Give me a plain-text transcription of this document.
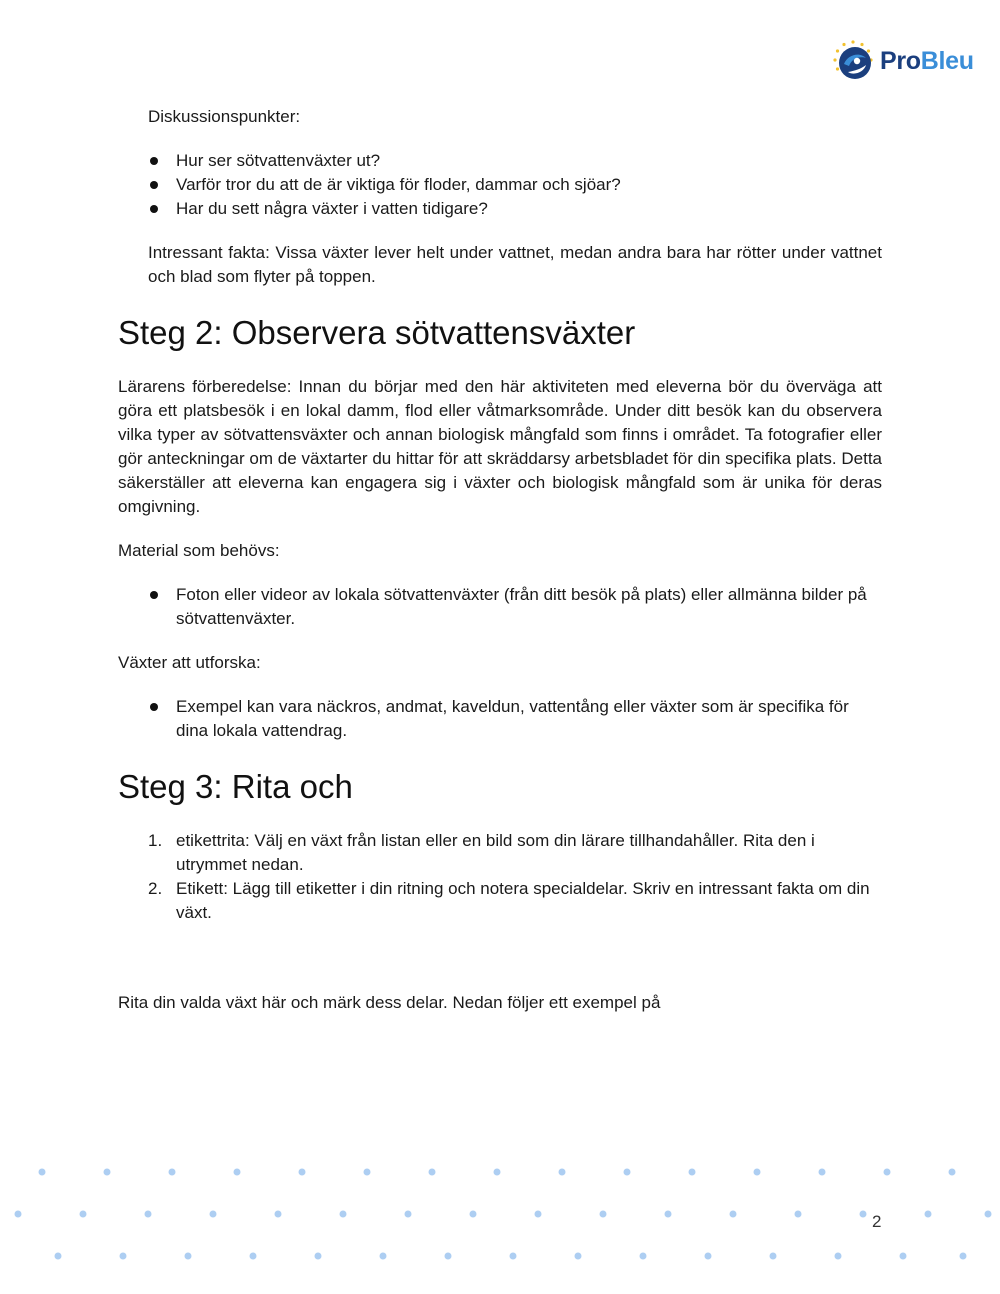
ProBleu

Diskussionspunkter:

Hur ser sötvattenväxter ut?
Varför tror du att de är viktiga för floder, dammar och sjöar?
Har du sett några växter i vatten tidigare?

Intressant fakta: Vissa växter lever helt under vattnet, medan andra bara har rötter under vattnet och blad som flyter på toppen.

Steg 2: Observera sötvattensväxter

Lärarens förberedelse: Innan du börjar med den här aktiviteten med eleverna bör du överväga att göra ett platsbesök i en lokal damm, flod eller våtmarksområde. Under ditt besök kan du observera vilka typer av sötvattensväxter och annan biologisk mångfald som finns i området. Ta fotografier eller gör anteckningar om de växtarter du hittar för att skräddarsy arbetsbladet för din specifika plats. Detta säkerställer att eleverna kan engagera sig i växter och biologisk mångfald som är unika för deras omgivning.

Material som behövs:

Foton eller videor av lokala sötvattenväxter (från ditt besök på plats) eller allmänna bilder på sötvattenväxter.

Växter att utforska:

Exempel kan vara näckros, andmat, kaveldun, vattentång eller växter som är specifika för dina lokala vattendrag.
Steg 3: Rita och
1. etikettrita: Välj en växt från listan eller en bild som din lärare tillhandahåller. Rita den i utrymmet nedan.
2. Etikett: Lägg till etiketter i din ritning och notera specialdelar. Skriv en intressant fakta om din växt.

Rita din valda växt här och märk dess delar. Nedan följer ett exempel på

2
